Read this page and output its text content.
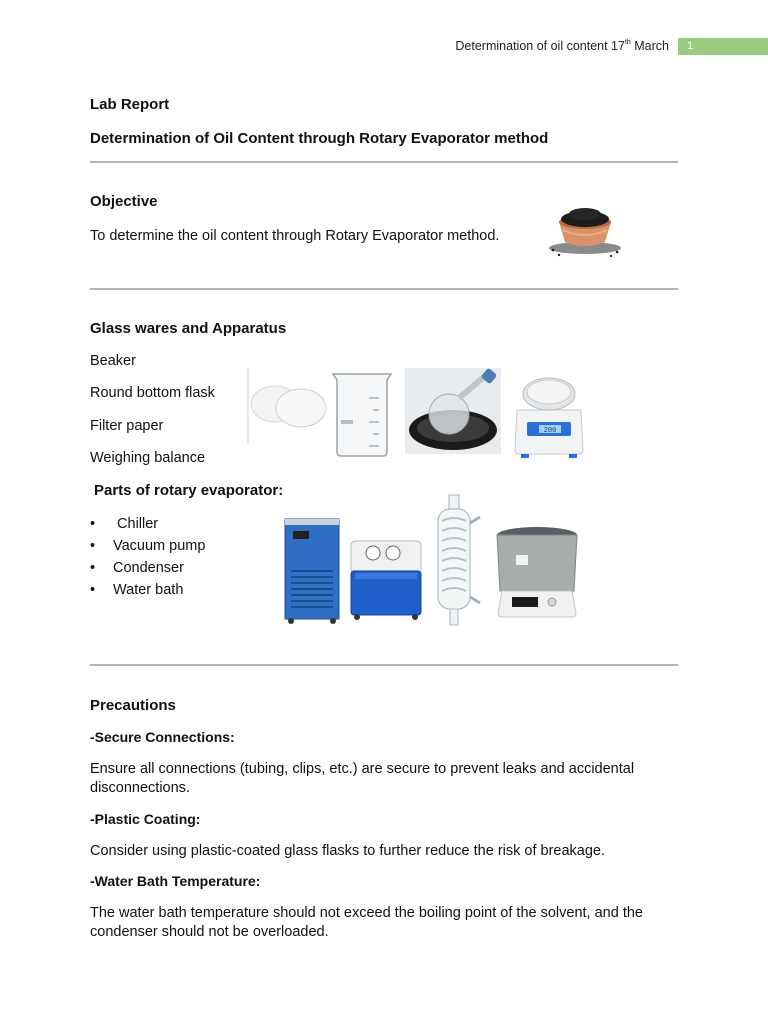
Determination of oil content 17th March	1
Lab Report
Determination of Oil Content through Rotary Evaporator method
Objective
To determine the oil content through Rotary Evaporator method.
Glass wares and Apparatus
Beaker
Round bottom flask
Filter paper
Weighing balance
200
Parts of rotary evaporator:
•	Chiller
•	Vacuum pump
•	Condenser
•	Water bath
Precautions
-Secure Connections:
Ensure all connections (tubing, clips, etc.) are secure to prevent leaks and accidental disconnections.
-Plastic Coating:
Consider using plastic-coated glass flasks to further reduce the risk of breakage.
-Water Bath Temperature:
The water bath temperature should not exceed the boiling point of the solvent, and the condenser should not be overloaded.
